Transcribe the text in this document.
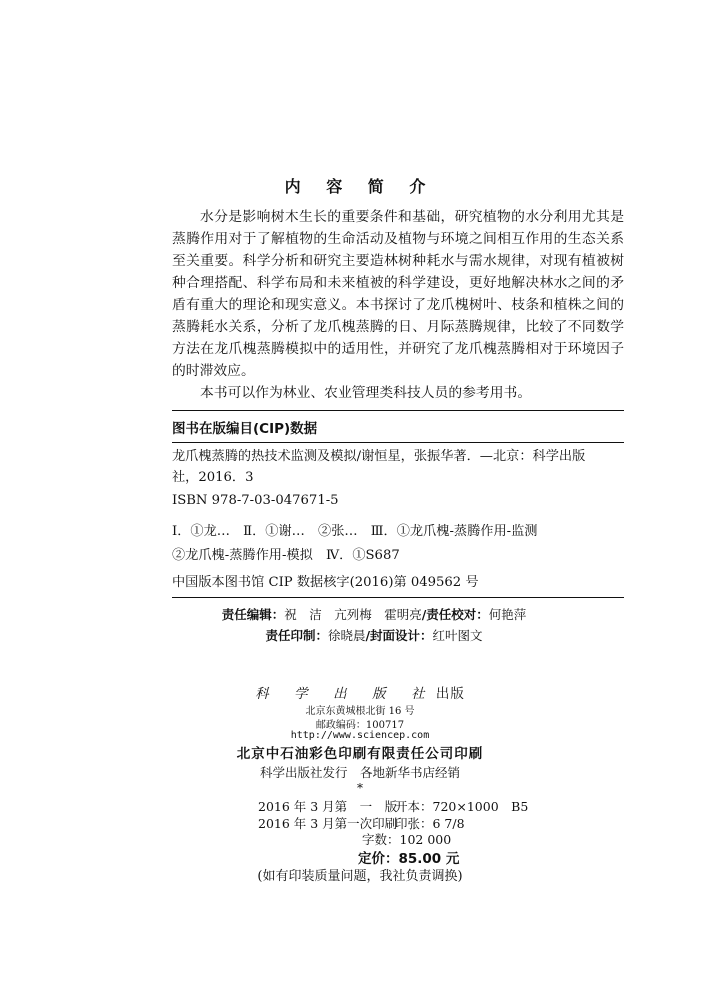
内 容 简 介

水分是影响树木生长的重要条件和基础，研究植物的水分利用尤其是

蒸腾作用对于了解植物的生命活动及植物与环境之间相互作用的生态关系

至关重要。科学分析和研究主要造林树种耗水与需水规律，对现有植被树

种合理搭配、科学布局和未来植被的科学建设，更好地解决林水之间的矛

盾有重大的理论和现实意义。本书探讨了龙爪槐树叶、枝条和植株之间的

蒸腾耗水关系，分析了龙爪槐蒸腾的日、月际蒸腾规律，比较了不同数学

方法在龙爪槐蒸腾模拟中的适用性，并研究了龙爪槐蒸腾相对于环境因子

的时滞效应。

本书可以作为林业、农业管理类科技人员的参考用书。

图书在版编目(CIP)数据
龙爪槐蒸腾的热技术监测及模拟/谢恒星，张振华著．—北京：科学出版
社，2016．3
ISBN 978-7-03-047671-5
Ⅰ．①龙…　Ⅱ．①谢…　②张…　Ⅲ．①龙爪槐-蒸腾作用-监测
②龙爪槐-蒸腾作用-模拟　Ⅳ．①S687
中国版本图书馆 CIP 数据核字(2016)第 049562 号
责任编辑：祝　洁　亢列梅　霍明亮/责任校对：何艳萍
责任印制：徐晓晨/封面设计：红叶图文
科　学　出　版　社 出版
北京东黄城根北街 16 号
邮政编码：100717
http://www.sciencep.com
北京中石油彩色印刷有限责任公司印刷
科学出版社发行　各地新华书店经销
*
2016 年 3 月第　一　版
开本：720×1000　B5
2016 年 3 月第一次印刷
印张：6 7/8
字数：102 000
定价：85.00 元
(如有印装质量问题，我社负责调换)
